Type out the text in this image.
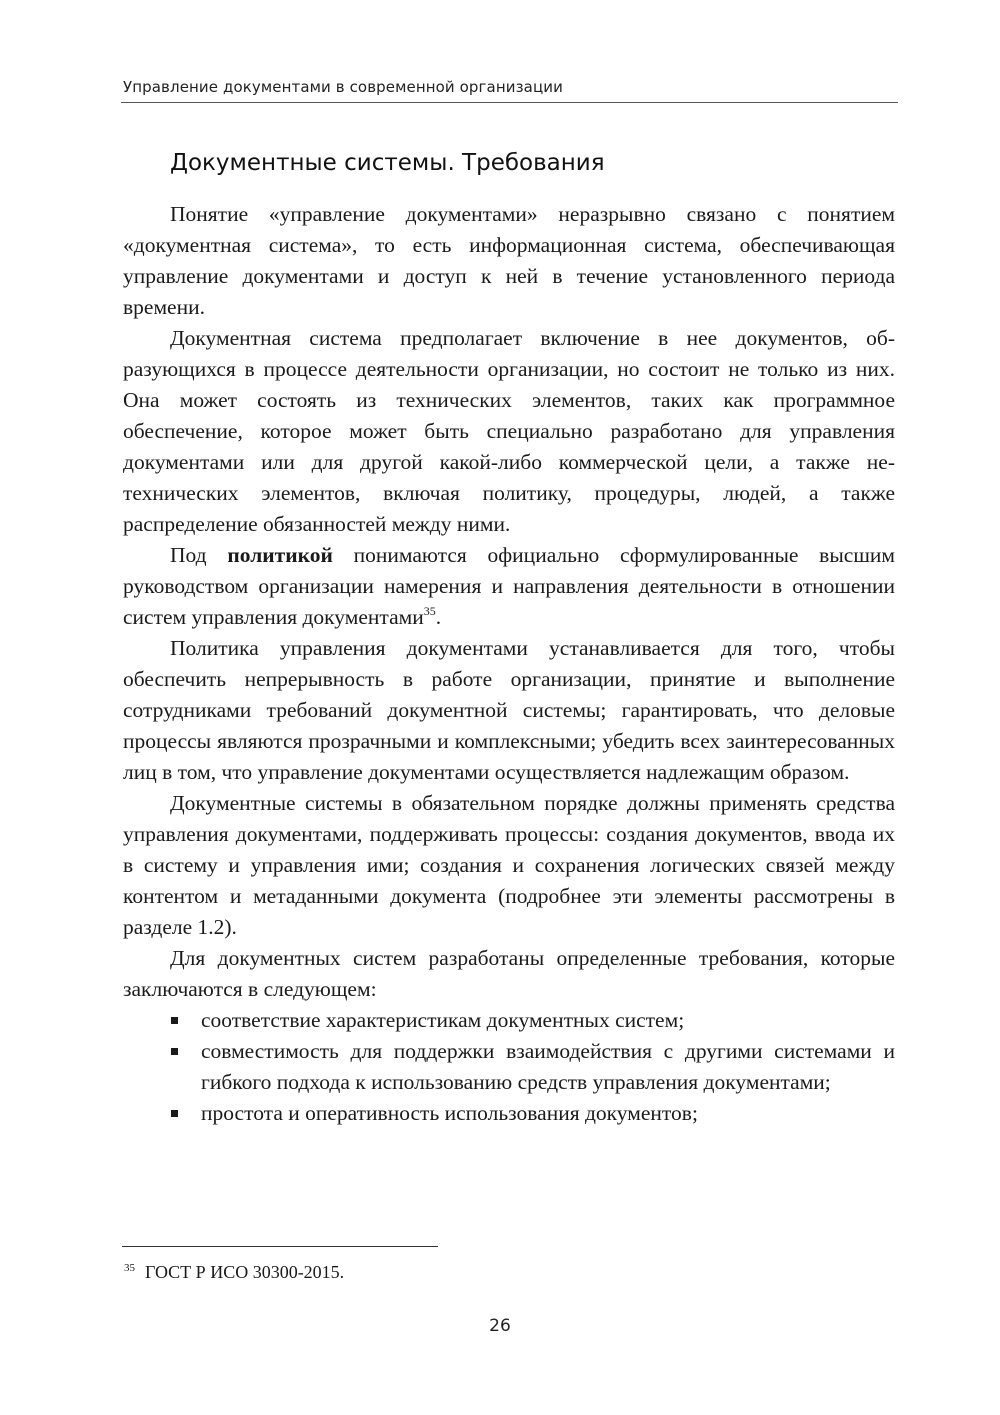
Управление документами в современной организации
Документные системы. Требования

Понятие «управление документами» неразрывно связано с понятием «документная система», то есть информационная система, обеспечивающая управление документами и доступ к ней в течение установленного периода времени.

Документная система предполагает включение в нее документов, образующихся в процессе деятельности организации, но состоит не только из них. Она может состоять из технических элементов, таких как программное обеспечение, которое может быть специально разработано для управления документами или для другой какой-либо коммерческой цели, а также нетехнических элементов, включая политику, процедуры, людей, а также распределение обязанностей между ними.

Под политикой понимаются официально сформулированные высшим руководством организации намерения и направления деятельности в отношении систем управления документами$^{35}$.

Политика управления документами устанавливается для того, чтобы обеспечить непрерывность в работе организации, принятие и выполнение сотрудниками требований документной системы; гарантировать, что деловые процессы являются прозрачными и комплексными; убедить всех заинтересованных лиц в том, что управление документами осуществляется надлежащим образом.

Документные системы в обязательном порядке должны применять средства управления документами, поддерживать процессы: создания документов, ввода их в систему и управления ими; создания и сохранения логических связей между контентом и метаданными документа (подробнее эти элементы рассмотрены в разделе 1.2).

Для документных систем разработаны определенные требования, которые заключаются в следующем:

соответствие характеристикам документных систем;
совместимость для поддержки взаимодействия с другими системами и гибкого подхода к использованию средств управления документами;
простота и оперативность использования документов;
$^{35}$ ГОСТ Р ИСО 30300-2015.
26
